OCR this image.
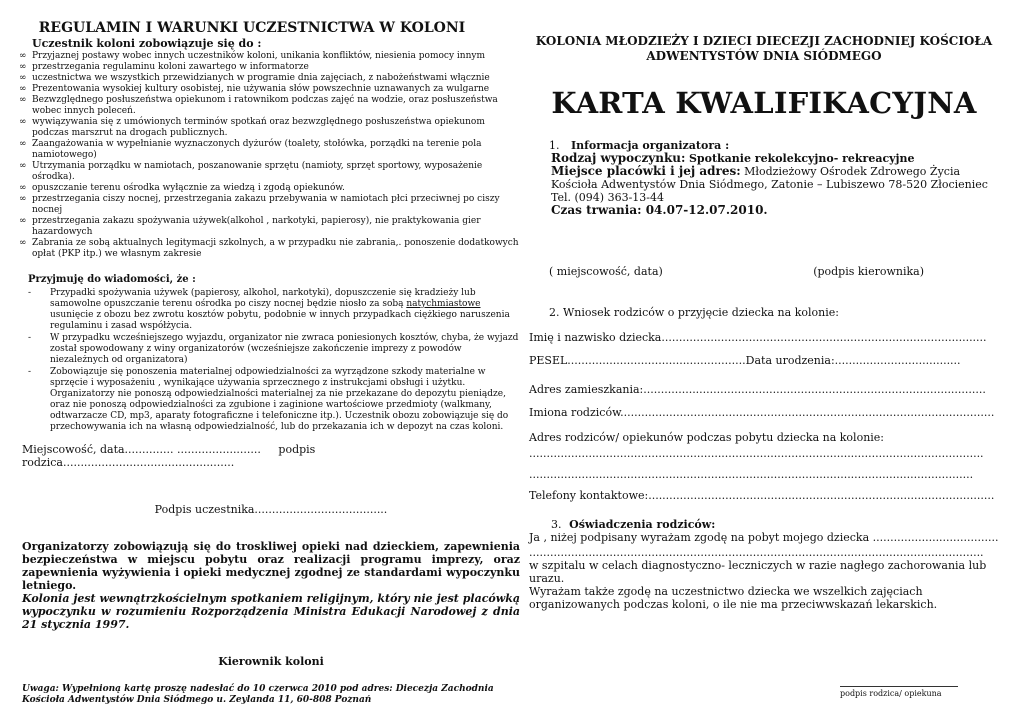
REGULAMIN I WARUNKI UCZESTNICTWA W KOLONI
Uczestnik koloni zobowiązuje się do :
∞ Przyjaznej postawy wobec innych uczestników koloni, unikania konfliktów, niesienia pomocy innym
∞ przestrzegania regulaminu koloni zawartego w informatorze
∞ uczestnictwa we wszystkich przewidzianych w programie dnia zajęciach, z nabożeństwami włącznie
∞ Prezentowania wysokiej kultury osobistej, nie używania słów powszechnie uznawanych za wulgarne
∞ Bezwzględnego posłuszeństwa opiekunom i ratownikom podczas zajęć na wodzie, oraz posłuszeństwa wobec innych poleceń.
∞ wywiązywania się z umówionych terminów spotkań oraz bezwzględnego posłuszeństwa opiekunom podczas marszrut na drogach publicznych.
∞ Zaangażowania w wypełnianie wyznaczonych dyżurów (toalety, stołówka, porządki na terenie pola namiotowego)
∞ Utrzymania porządku w namiotach, poszanowanie sprzętu (namioty, sprzęt sportowy, wyposażenie ośrodka).
∞ opuszczanie terenu ośrodka wyłącznie za wiedzą i zgodą opiekunów.
∞ przestrzegania ciszy nocnej, przestrzegania zakazu przebywania w namiotach płci przeciwnej po ciszy nocnej
∞ przestrzegania zakazu spożywania używek(alkohol , narkotyki, papierosy), nie praktykowania gier hazardowych
∞ Zabrania ze sobą aktualnych legitymacji szkolnych, a w przypadku nie zabrania,. ponoszenie dodatkowych opłat (PKP itp.) we własnym zakresie
Przyjmuję do wiadomości, że :
- Przypadki spożywania używek (papierosy, alkohol, narkotyki), dopuszczenie się kradzieży lub samowolne opuszczanie terenu ośrodka po ciszy nocnej będzie niosło za sobą natychmiastowe usunięcie z obozu bez zwrotu kosztów pobytu, podobnie w innych przypadkach ciężkiego naruszenia regulaminu i zasad współżycia.
- W przypadku wcześniejszego wyjazdu, organizator nie zwraca poniesionych kosztów, chyba, że wyjazd został spowodowany z winy organizatorów (wcześniejsze zakończenie imprezy z powodów niezależnych od organizatora)
- Zobowiązuje się ponoszenia materialnej odpowiedzialności za wyrządzone szkody materialne w sprzęcie i wyposażeniu , wynikające używania sprzecznego z instrukcjami obsługi i użytku. Organizatorzy nie ponoszą odpowiedzialności materialnej za nie przekazane do depozytu pieniądze, oraz nie ponoszą odpowiedzialności za zgubione i zaginione wartościowe przedmioty (walkmany, odtwarzacze CD, mp3, aparaty fotograficzne i telefoniczne itp.). Uczestnik obozu zobowiązuje się do przechowywania ich na własną odpowiedzialność, lub do przekazania ich w depozyt na czas koloni.
Miejscowość, data.............. ........................ podpis rodzica.................................................
Podpis uczestnika......................................
Organizatorzy zobowiązują się do troskliwej opieki nad dzieckiem, zapewnienia bezpieczeństwa w miejscu pobytu oraz realizacji programu imprezy, oraz zapewnienia wyżywienia i opieki medycznej zgodnej ze standardami wypoczynku letniego.
Kolonia jest wewnątrzkościelnym spotkaniem religijnym, który nie jest placówką wypoczynku w rozumieniu Rozporządzenia Ministra Edukacji Narodowej z dnia 21 stycznia 1997.
Kierownik koloni
Uwaga: Wypełnioną kartę proszę nadesłać do 10 czerwca 2010 pod adres: Diecezja Zachodnia
Kościoła Adwentystów Dnia Siódmego u. Zeylanda 11, 60-808 Poznań
KOLONIA MŁODZIEŻY I DZIECI DIECEZJI ZACHODNIEJ KOŚCIOŁA
ADWENTYSTÓW DNIA SIÓDMEGO
KARTA KWALIFIKACYJNA
1. Informacja organizatora :
Rodzaj wypoczynku: Spotkanie rekolekcyjno- rekreacyjne
Miejsce placówki i jej adres: Młodzieżowy Ośrodek Zdrowego Życia Kościoła Adwentystów Dnia Siódmego, Zatonie – Lubiszewo 78-520 Złocieniec
Tel. (094) 363-13-44
Czas trwania: 04.07-12.07.2010.
( miejscowość, data)	(podpis kierownika)
2. Wniosek rodziców o przyjęcie dziecka na kolonie:
Imię i nazwisko dziecka.............................................................................................
PESEL................................................... Data urodzenia:....................................
Adres zamieszkania:..................................................................................................
Imiona rodziców...........................................................................................................
Adres rodziców/ opiekunów podczas pobytu dziecka na kolonie:
..................................................................................................................................
...............................................................................................................................
Telefony kontaktowe:...................................................................................................
3. Oświadczenia rodziców:
Ja , niżej podpisany wyrażam zgodę na pobyt mojego dziecka ....................................
..................................................................................................................................
w szpitalu w celach diagnostyczno- leczniczych w razie nagłego zachorowania lub urazu.
Wyrażam także zgodę na uczestnictwo dziecka we wszelkich zajęciach organizowanych podczas koloni, o ile nie ma przeciwwskazań lekarskich.
podpis rodzica/ opiekuna
